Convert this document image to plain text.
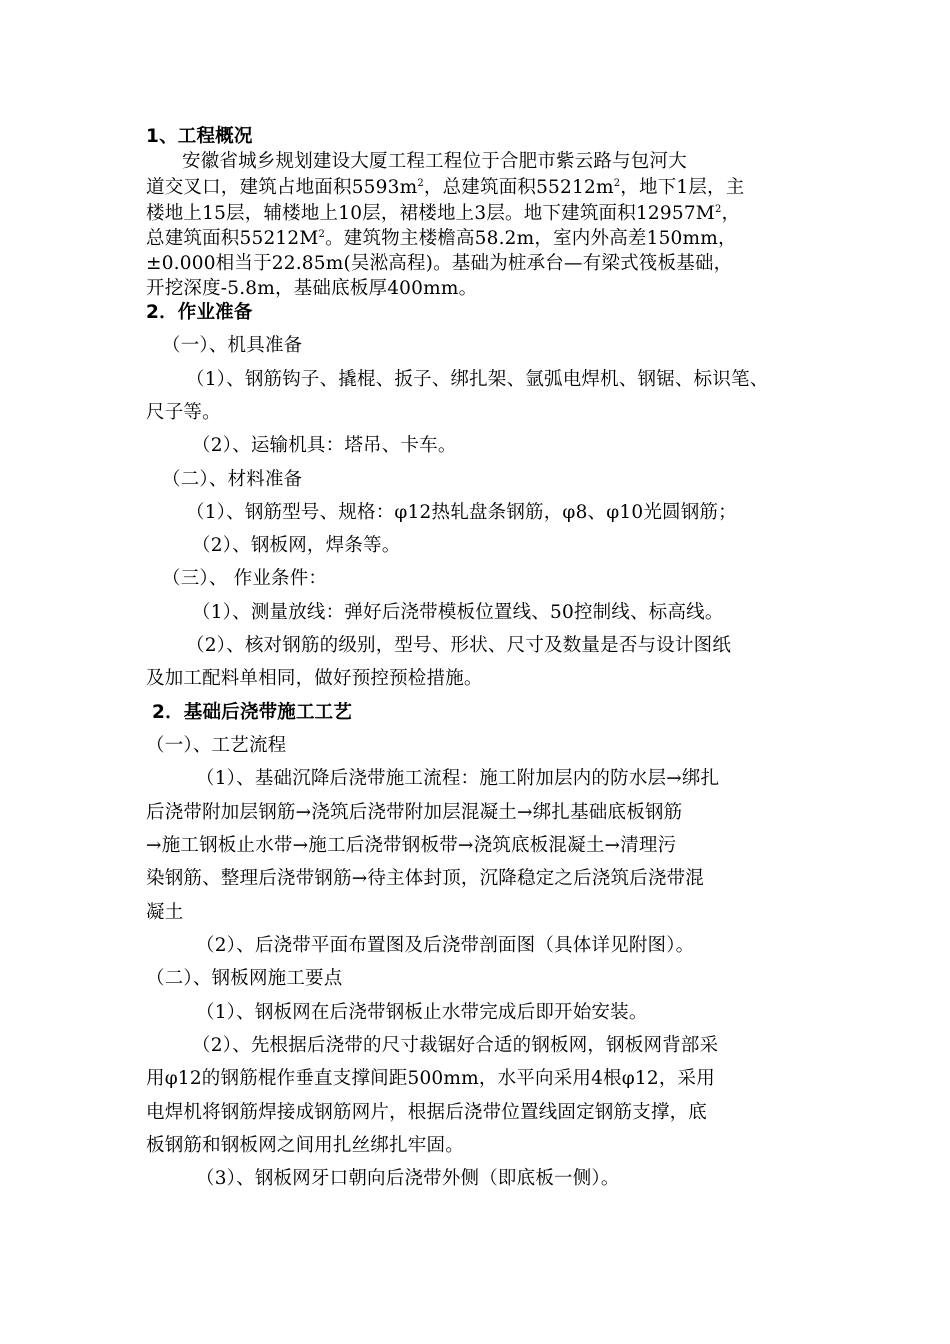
1、工程概况
安徽省城乡规划建设大厦工程工程位于合肥市紫云路与包河大
道交叉口，建筑占地面积$5593m^2$，总建筑面积$55212m^2$，地下1层，主
楼地上15层，辅楼地上10层，裙楼地上3层。地下建筑面积$12957M^2$，
总建筑面积$55212M^2$。建筑物主楼檐高58.2m，室内外高差150mm，
±0.000相当于22.85m(吴淞高程)。基础为桩承台—有梁式筏板基础，
开挖深度-5.8m，基础底板厚400mm。
2．作业准备
（一）、机具准备
（1）、钢筋钩子、撬棍、扳子、绑扎架、氩弧电焊机、钢锯、标识笔、
尺子等。
（2）、运输机具：塔吊、卡车。
（二）、材料准备
（1）、钢筋型号、规格：φ12热轧盘条钢筋，φ8、φ10光圆钢筋；
（2）、钢板网，焊条等。
（三）、 作业条件：
（1）、测量放线：弹好后浇带模板位置线、50控制线、标高线。
（2）、核对钢筋的级别，型号、形状、尺寸及数量是否与设计图纸
及加工配料单相同，做好预控预检措施。
2．基础后浇带施工工艺
（一）、工艺流程
（1）、基础沉降后浇带施工流程：施工附加层内的防水层→绑扎
后浇带附加层钢筋→浇筑后浇带附加层混凝土→绑扎基础底板钢筋
→施工钢板止水带→施工后浇带钢板带→浇筑底板混凝土→清理污
染钢筋、整理后浇带钢筋→待主体封顶，沉降稳定之后浇筑后浇带混
凝土
（2）、后浇带平面布置图及后浇带剖面图（具体详见附图）。
（二）、钢板网施工要点
（1）、钢板网在后浇带钢板止水带完成后即开始安装。
（2）、先根据后浇带的尺寸裁锯好合适的钢板网，钢板网背部采
用φ12的钢筋棍作垂直支撑间距500mm，水平向采用4根φ12，采用
电焊机将钢筋焊接成钢筋网片，根据后浇带位置线固定钢筋支撑，底
板钢筋和钢板网之间用扎丝绑扎牢固。
（3）、钢板网牙口朝向后浇带外侧（即底板一侧）。
